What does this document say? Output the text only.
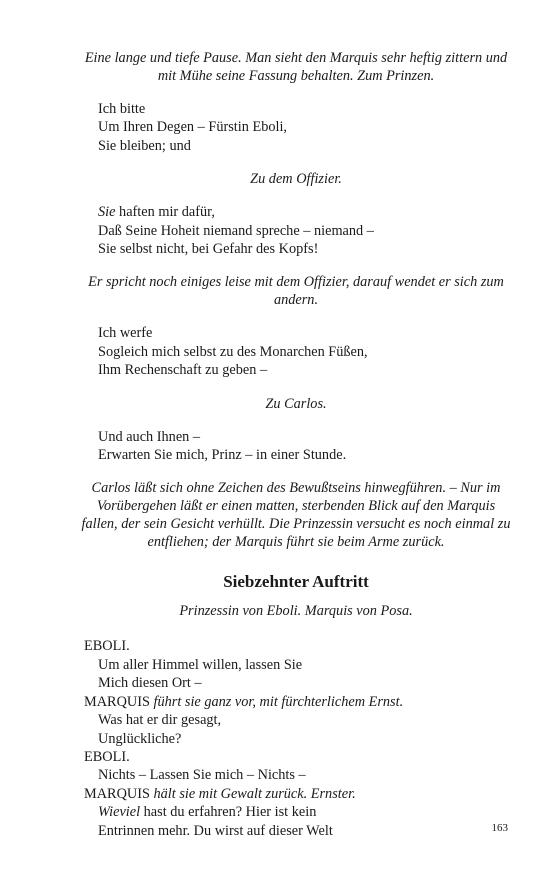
Eine lange und tiefe Pause. Man sieht den Marquis sehr heftig zittern und mit Mühe seine Fassung behalten. Zum Prinzen.

Ich bitte
Um Ihren Degen – Fürstin Eboli,
Sie bleiben; und

Zu dem Offizier.

Sie haften mir dafür,
Daß Seine Hoheit niemand spreche – niemand –
Sie selbst nicht, bei Gefahr des Kopfs!

Er spricht noch einiges leise mit dem Offizier, darauf wendet er sich zum andern.

Ich werfe
Sogleich mich selbst zu des Monarchen Füßen,
Ihm Rechenschaft zu geben –

Zu Carlos.

Und auch Ihnen –
Erwarten Sie mich, Prinz – in einer Stunde.

Carlos läßt sich ohne Zeichen des Bewußtseins hinwegführen. – Nur im Vorübergehen läßt er einen matten, sterbenden Blick auf den Marquis fallen, der sein Gesicht verhüllt. Die Prinzessin versucht es noch einmal zu entfliehen; der Marquis führt sie beim Arme zurück.

Siebzehnter Auftritt

Prinzessin von Eboli. Marquis von Posa.

EBOLI.

Um aller Himmel willen, lassen Sie
Mich diesen Ort –

MARQUIS führt sie ganz vor, mit fürchterlichem Ernst.

Was hat er dir gesagt,
Unglückliche?

EBOLI.

Nichts – Lassen Sie mich – Nichts –

MARQUIS hält sie mit Gewalt zurück. Ernster.

Wieviel hast du erfahren? Hier ist kein
Entrinnen mehr. Du wirst auf dieser Welt	163
